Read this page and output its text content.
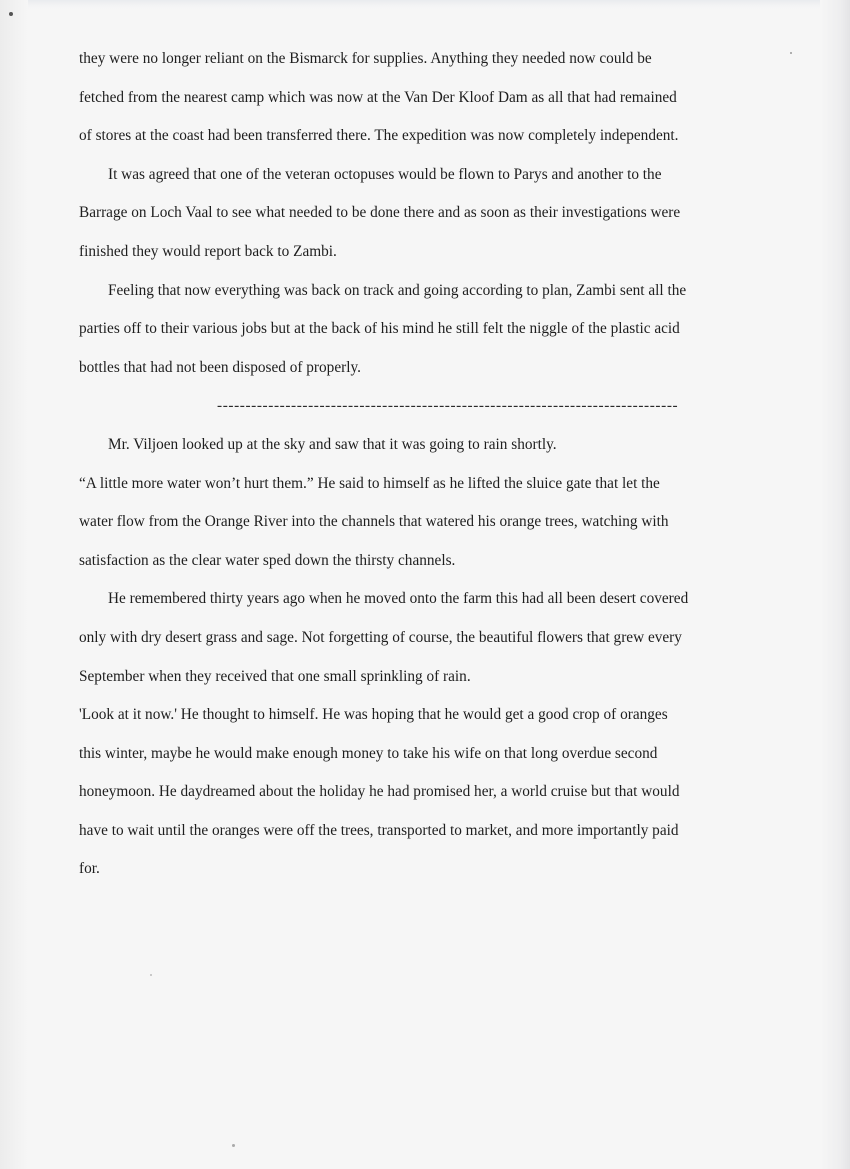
they were no longer reliant on the Bismarck for supplies. Anything they needed now could be
fetched from the nearest camp which was now at the Van Der Kloof Dam as all that had remained
of stores at the coast had been transferred there. The expedition was now completely independent.
It was agreed that one of the veteran octopuses would be flown to Parys and another to the
Barrage on Loch Vaal to see what needed to be done there and as soon as their investigations were
finished they would report back to Zambi.
Feeling that now everything was back on track and going according to plan, Zambi sent all the
parties off to their various jobs but at the back of his mind he still felt the niggle of the plastic acid
bottles that had not been disposed of properly.
---------------------------------------------------------------------------------
Mr. Viljoen looked up at the sky and saw that it was going to rain shortly.
“A little more water won’t hurt them.” He said to himself as he lifted the sluice gate that let the
water flow from the Orange River into the channels that watered his orange trees, watching with
satisfaction as the clear water sped down the thirsty channels.
He remembered thirty years ago when he moved onto the farm this had all been desert covered
only with dry desert grass and sage. Not forgetting of course, the beautiful flowers that grew every
September when they received that one small sprinkling of rain.
'Look at it now.' He thought to himself. He was hoping that he would get a good crop of oranges
this winter, maybe he would make enough money to take his wife on that long overdue second
honeymoon. He daydreamed about the holiday he had promised her, a world cruise but that would
have to wait until the oranges were off the trees, transported to market, and more importantly paid
for.
